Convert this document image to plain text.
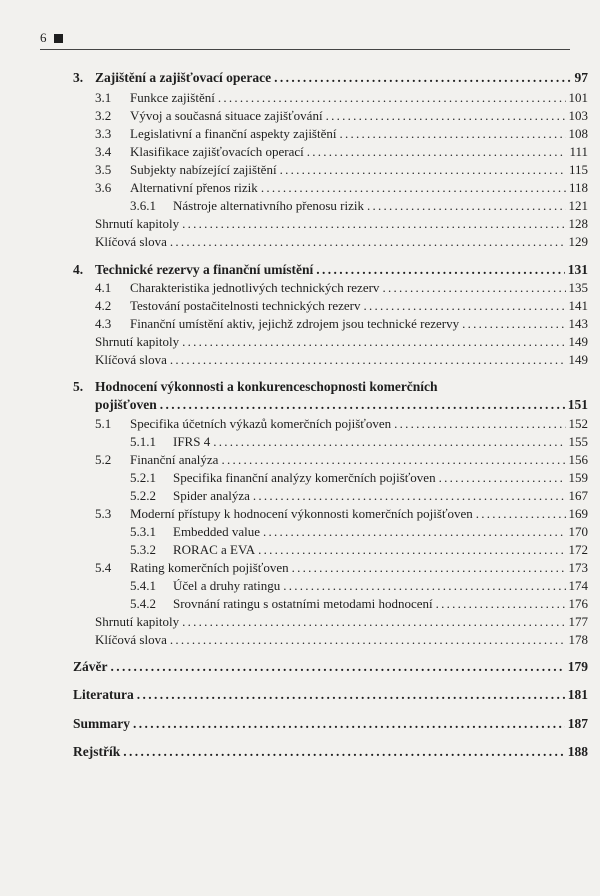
6
3. Zajištění a zajišťovací operace . . .	97
3.1	Funkce zajištění . . .	101
3.2	Vývoj a současná situace zajišťování . . .	103
3.3	Legislativní a finanční aspekty zajištění . . .	108
3.4	Klasifikace zajišťovacích operací . . .	111
3.5	Subjekty nabízející zajištění . . .	115
3.6	Alternativní přenos rizik . . .	118
3.6.1	Nástroje alternativního přenosu rizik . . .	121
Shrnutí kapitoly . . .	128
Klíčová slova . . .	129
4. Technické rezervy a finanční umístění . . .	131
4.1	Charakteristika jednotlivých technických rezerv . . .	135
4.2	Testování postačitelnosti technických rezerv . . .	141
4.3	Finanční umístění aktiv, jejichž zdrojem jsou technické rezervy . . .	143
Shrnutí kapitoly . . .	149
Klíčová slova . . .	149
5. Hodnocení výkonnosti a konkurenceschopnosti komerčních
pojišťoven . . .	151
5.1	Specifika účetních výkazů komerčních pojišťoven . . .	152
5.1.1	IFRS 4 . . .	155
5.2	Finanční analýza . . .	156
5.2.1	Specifika finanční analýzy komerčních pojišťoven . . .	159
5.2.2	Spider analýza . . .	167
5.3	Moderní přístupy k hodnocení výkonnosti komerčních pojišťoven . . .	169
5.3.1	Embedded value . . .	170
5.3.2	RORAC a EVA . . .	172
5.4	Rating komerčních pojišťoven . . .	173
5.4.1	Účel a druhy ratingu . . .	174
5.4.2	Srovnání ratingu s ostatními metodami hodnocení . . .	176
Shrnutí kapitoly . . .	177
Klíčová slova . . .	178
Závěr . . .	179
Literatura . . .	181
Summary . . .	187
Rejstřík . . .	188
